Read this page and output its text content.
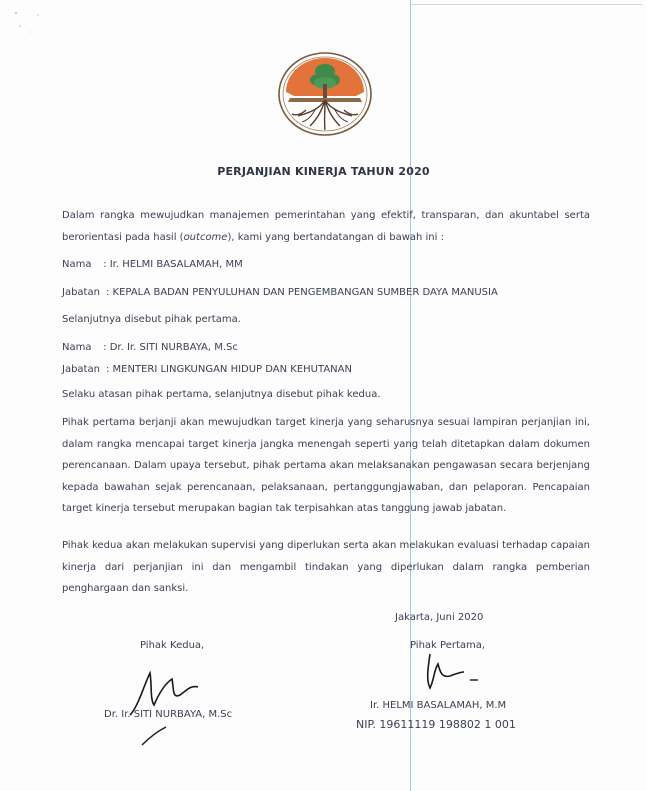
PERJANJIAN KINERJA TAHUN 2020
Dalam rangka mewujudkan manajemen pemerintahan yang efektif, transparan, dan akuntabel serta berorientasi pada hasil (outcome), kami yang bertandatangan di bawah ini :
Nama : Ir. HELMI BASALAMAH, MM
Jabatan : KEPALA BADAN PENYULUHAN DAN PENGEMBANGAN SUMBER DAYA MANUSIA
Selanjutnya disebut pihak pertama.
Nama : Dr. Ir. SITI NURBAYA, M.Sc
Jabatan : MENTERI LINGKUNGAN HIDUP DAN KEHUTANAN
Selaku atasan pihak pertama, selanjutnya disebut pihak kedua.
Pihak pertama berjanji akan mewujudkan target kinerja yang seharusnya sesuai lampiran perjanjian ini, dalam rangka mencapai target kinerja jangka menengah seperti yang telah ditetapkan dalam dokumen perencanaan. Dalam upaya tersebut, pihak pertama akan melaksanakan pengawasan secara berjenjang kepada bawahan sejak perencanaan, pelaksanaan, pertanggungjawaban, dan pelaporan. Pencapaian target kinerja tersebut merupakan bagian tak terpisahkan atas tanggung jawab jabatan.
Pihak kedua akan melakukan supervisi yang diperlukan serta akan melakukan evaluasi terhadap capaian kinerja dari perjanjian ini dan mengambil tindakan yang diperlukan dalam rangka pemberian penghargaan dan sanksi.
Jakarta, Juni 2020
Pihak Kedua,	Pihak Pertama,
Dr. Ir. SITI NURBAYA, M.Sc
Ir. HELMI BASALAMAH, M.M
NIP. 19611119 198802 1 001
